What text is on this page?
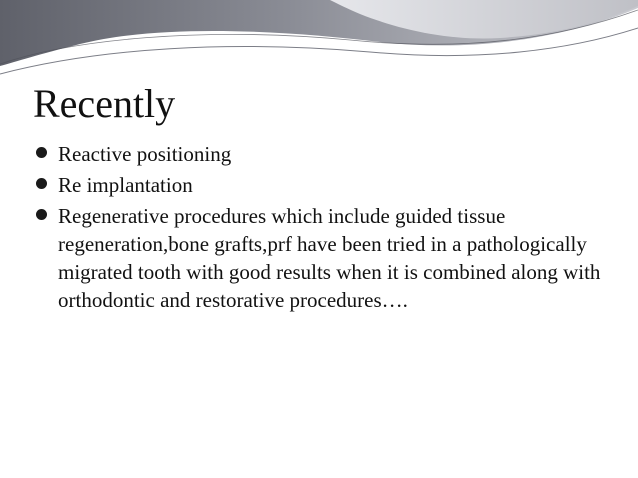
Recently
Reactive positioning
Re implantation
Regenerative procedures which include guided tissue regeneration,bone grafts,prf have been tried in a pathologically migrated tooth with good results when it is combined along with orthodontic and restorative procedures….
